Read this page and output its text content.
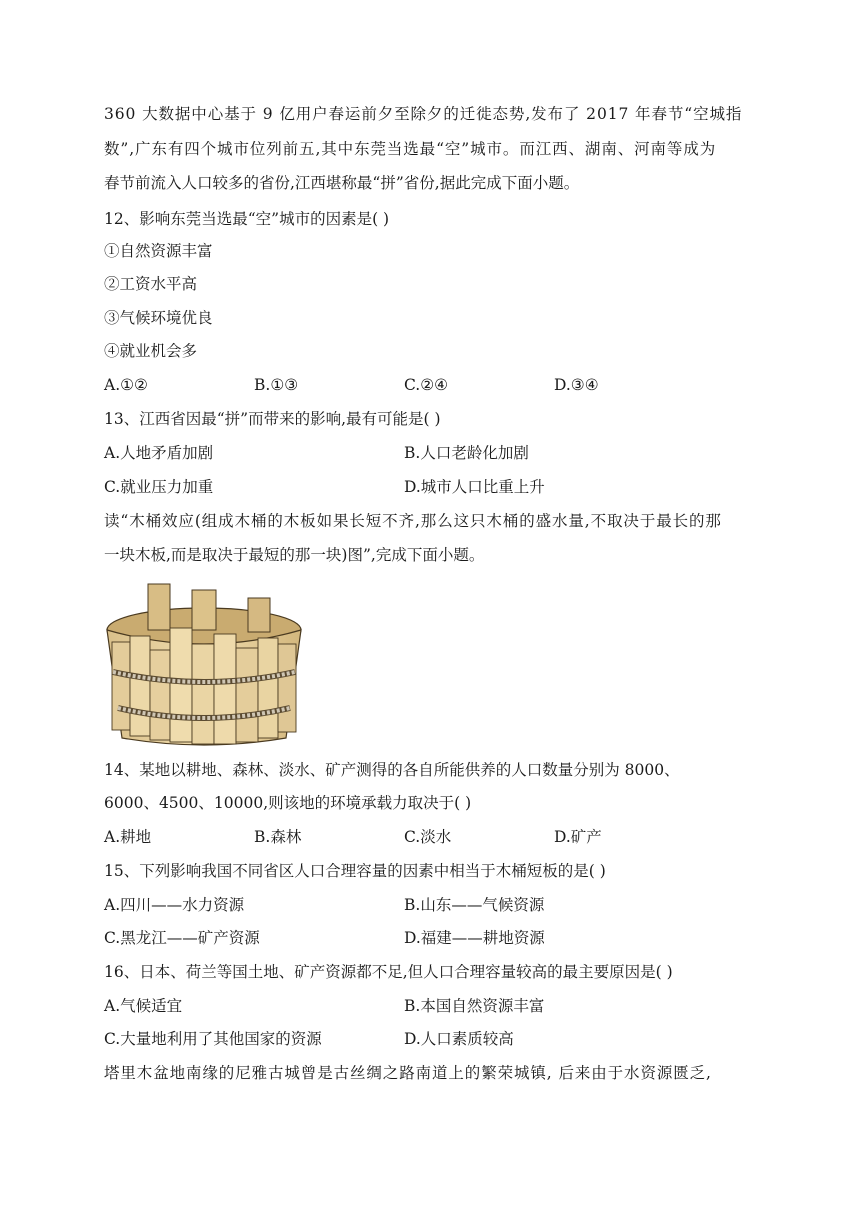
360 大数据中心基于 9 亿用户春运前夕至除夕的迁徙态势,发布了 2017 年春节“空城指
数”,广东有四个城市位列前五,其中东莞当选最“空”城市。而江西、湖南、河南等成为
春节前流入人口较多的省份,江西堪称最“拼”省份,据此完成下面小题。
12、影响东莞当选最“空”城市的因素是( )
①自然资源丰富
②工资水平高
③气候环境优良
④就业机会多
A.①②	B.①③	C.②④	D.③④
13、江西省因最“拼”而带来的影响,最有可能是( )
A.人地矛盾加剧	B.人口老龄化加剧
C.就业压力加重	D.城市人口比重上升
读“木桶效应(组成木桶的木板如果长短不齐,那么这只木桶的盛水量,不取决于最长的那
一块木板,而是取决于最短的那一块)图”,完成下面小题。
14、某地以耕地、森林、淡水、矿产测得的各自所能供养的人口数量分别为 8000、
6000、4500、10000,则该地的环境承载力取决于( )
A.耕地	B.森林	C.淡水	D.矿产
15、下列影响我国不同省区人口合理容量的因素中相当于木桶短板的是( )
A.四川——水力资源	B.山东——气候资源
C.黑龙江——矿产资源	D.福建——耕地资源
16、日本、荷兰等国土地、矿产资源都不足,但人口合理容量较高的最主要原因是( )
A.气候适宜	B.本国自然资源丰富
C.大量地利用了其他国家的资源	D.人口素质较高
塔里木盆地南缘的尼雅古城曾是古丝绸之路南道上的繁荣城镇, 后来由于水资源匮乏,
